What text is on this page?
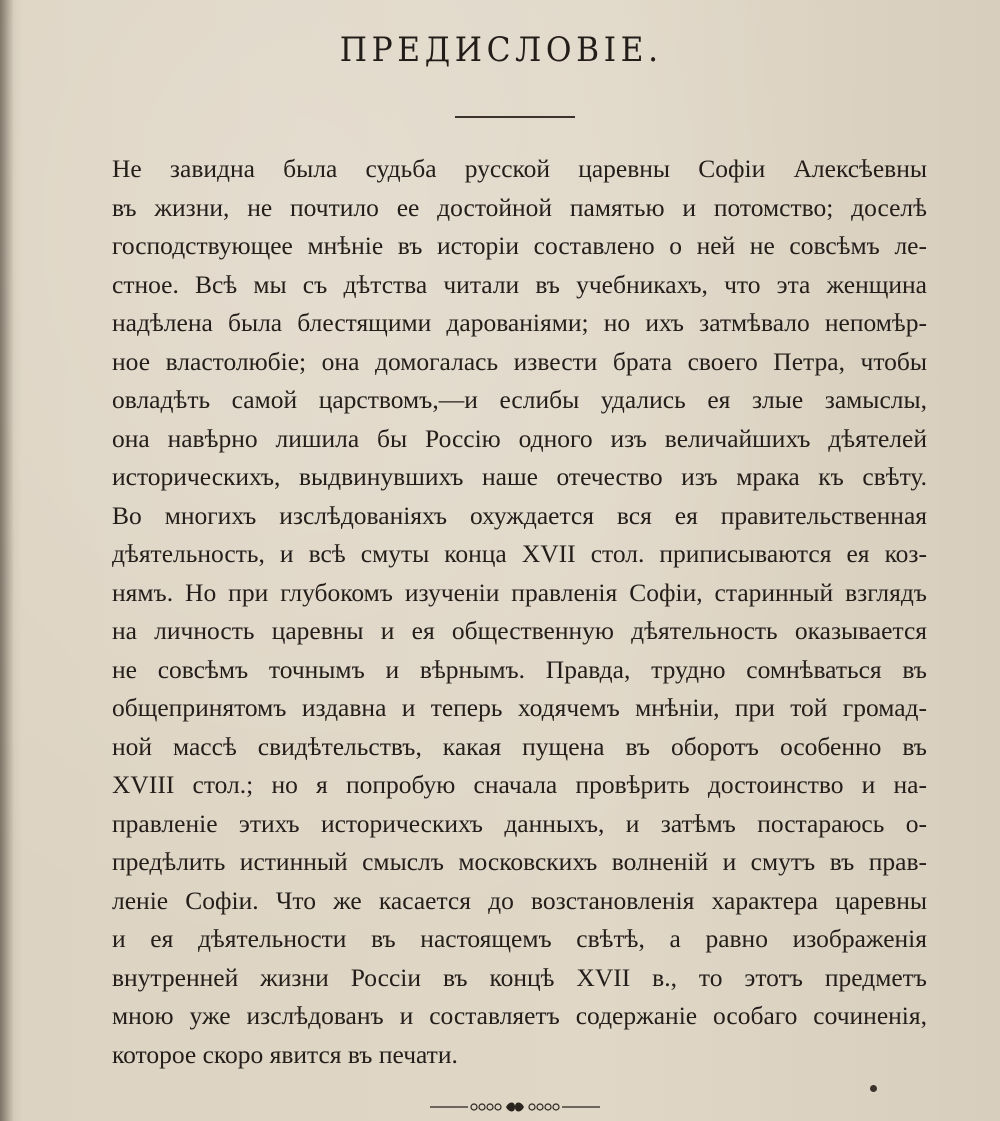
ПРЕДИСЛОВІЕ.
Не завидна была судьба русской царевны Софіи Алексѣевны
въ жизни, не почтило ее достойной памятью и потомство; доселѣ
господствующее мнѣніе въ исторіи составлено о ней не совсѣмъ ле-
стное. Всѣ мы съ дѣтства читали въ учебникахъ, что эта женщина
надѣлена была блестящими дарованіями; но ихъ затмѣвало непомѣр-
ное властолюбіе; она домогалась извести брата своего Петра, чтобы
овладѣть самой царствомъ,—и еслибы удались ея злые замыслы,
она навѣрно лишила бы Россію одного изъ величайшихъ дѣятелей
историческихъ, выдвинувшихъ наше отечество изъ мрака къ свѣту.
Во многихъ изслѣдованіяхъ охуждается вся ея правительственная
дѣятельность, и всѣ смуты конца XVII стол. приписываются ея коз-
нямъ. Но при глубокомъ изученіи правленія Софіи, старинный взглядъ
на личность царевны и ея общественную дѣятельность оказывается
не совсѣмъ точнымъ и вѣрнымъ. Правда, трудно сомнѣваться въ
общепринятомъ издавна и теперь ходячемъ мнѣніи, при той громад-
ной массѣ свидѣтельствъ, какая пущена въ оборотъ особенно въ
XVIII стол.; но я попробую сначала провѣрить достоинство и на-
правленіе этихъ историческихъ данныхъ, и затѣмъ постараюсь о-
предѣлить истинный смыслъ московскихъ волненій и смутъ въ прав-
леніе Софіи. Что же касается до возстановленія характера царевны
и ея дѣятельности въ настоящемъ свѣтѣ, а равно изображенія
внутренней жизни Россіи въ концѣ XVII в., то этотъ предметъ
мною уже изслѣдованъ и составляетъ содержаніе особаго сочиненія,
которое скоро явится въ печати.
